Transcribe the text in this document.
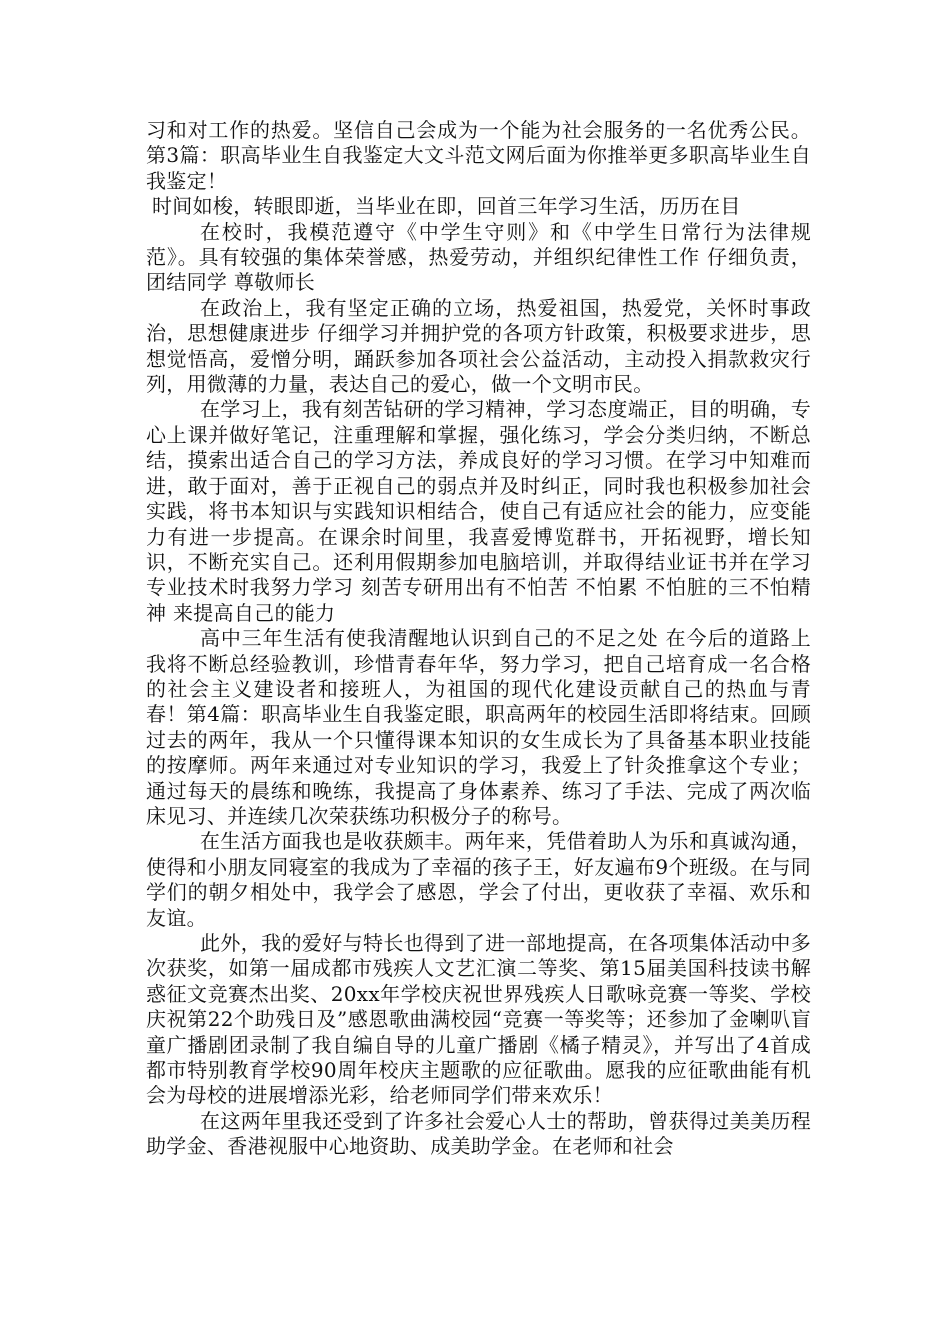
习和对工作的热爱。坚信自己会成为一个能为社会服务的一名优秀公民。第3篇：职高毕业生自我鉴定大文斗范文网后面为你推举更多职高毕业生自我鉴定！

时间如梭，转眼即逝，当毕业在即，回首三年学习生活，历历在目

在校时，我模范遵守《中学生守则》和《中学生日常行为法律规范》。具有较强的集体荣誉感，热爱劳动，并组织纪律性工作 仔细负责，团结同学 尊敬师长

在政治上，我有坚定正确的立场，热爱祖国，热爱党，关怀时事政治，思想健康进步 仔细学习并拥护党的各项方针政策，积极要求进步，思想觉悟高，爱憎分明，踊跃参加各项社会公益活动，主动投入捐款救灾行列，用微薄的力量，表达自己的爱心，做一个文明市民。

在学习上，我有刻苦钻研的学习精神，学习态度端正，目的明确，专心上课并做好笔记，注重理解和掌握，强化练习，学会分类归纳，不断总结，摸索出适合自己的学习方法，养成良好的学习习惯。在学习中知难而进，敢于面对，善于正视自己的弱点并及时纠正，同时我也积极参加社会实践，将书本知识与实践知识相结合，使自己有适应社会的能力，应变能力有进一步提高。在课余时间里，我喜爱博览群书，开拓视野，增长知识，不断充实自己。还利用假期参加电脑培训，并取得结业证书并在学习专业技术时我努力学习 刻苦专研用出有不怕苦 不怕累 不怕脏的三不怕精神 来提高自己的能力

高中三年生活有使我清醒地认识到自己的不足之处 在今后的道路上我将不断总经验教训，珍惜青春年华，努力学习，把自己培育成一名合格的社会主义建设者和接班人，为祖国的现代化建设贡献自己的热血与青春！第4篇：职高毕业生自我鉴定眼，职高两年的校园生活即将结束。回顾过去的两年，我从一个只懂得课本知识的女生成长为了具备基本职业技能的按摩师。两年来通过对专业知识的学习，我爱上了针灸推拿这个专业；通过每天的晨练和晚练，我提高了身体素养、练习了手法、完成了两次临床见习、并连续几次荣获练功积极分子的称号。

在生活方面我也是收获颇丰。两年来，凭借着助人为乐和真诚沟通，使得和小朋友同寝室的我成为了幸福的孩子王，好友遍布9个班级。在与同学们的朝夕相处中，我学会了感恩，学会了付出，更收获了幸福、欢乐和友谊。

此外，我的爱好与特长也得到了进一部地提高，在各项集体活动中多次获奖，如第一届成都市残疾人文艺汇演二等奖、第15届美国科技读书解惑征文竞赛杰出奖、20xx年学校庆祝世界残疾人日歌咏竞赛一等奖、学校庆祝第22个助残日及”感恩歌曲满校园“竞赛一等奖等；还参加了金喇叭盲童广播剧团录制了我自编自导的儿童广播剧《橘子精灵》，并写出了4首成都市特别教育学校90周年校庆主题歌的应征歌曲。愿我的应征歌曲能有机会为母校的进展增添光彩，给老师同学们带来欢乐！

在这两年里我还受到了许多社会爱心人士的帮助，曾获得过美美历程助学金、香港视服中心地资助、成美助学金。在老师和社会
